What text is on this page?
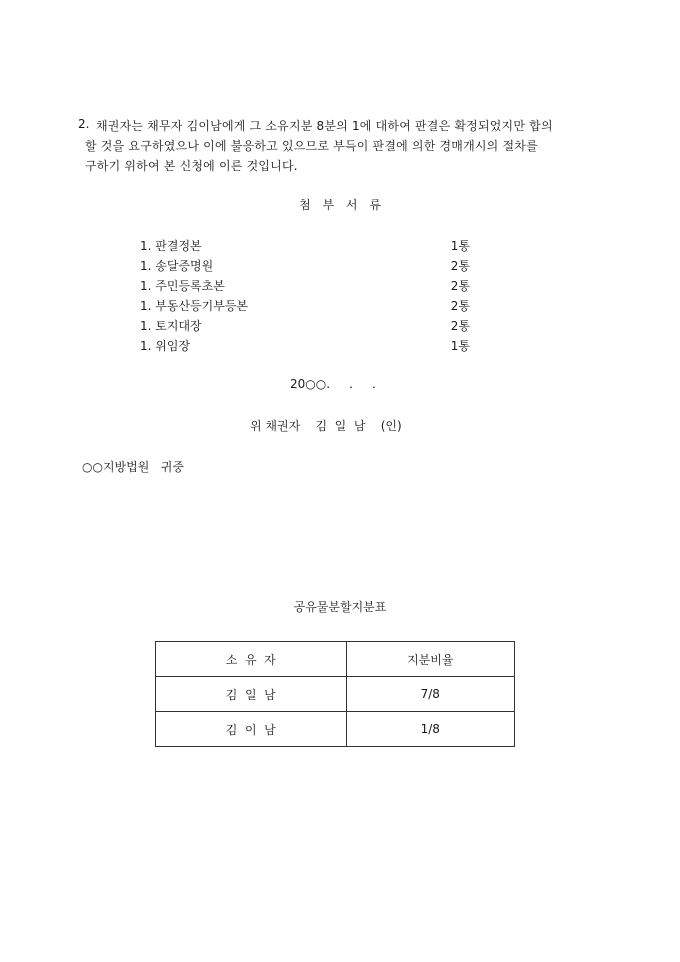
2. 채권자는 채무자 김이남에게 그 소유지분 8분의 1에 대하여 판결은 확정되었지만 합의
할 것을 요구하였으나 이에 불응하고 있으므로 부득이 판결에 의한 경매개시의 절차를
구하기 위하여 본 신청에 이른 것입니다.
첨 부 서 류
1. 판결정본	1통
1. 송달증명원	2통
1. 주민등록초본	2통
1. 부동산등기부등본	2통
1. 토지대장	2통
1. 위임장	1통
20○○.     .     .
위 채권자    김  일  남    (인)
○○지방법원   귀중
공유물분할지분표
소  유  자	지분비율
김  일  남	7/8
김  이  남	1/8
